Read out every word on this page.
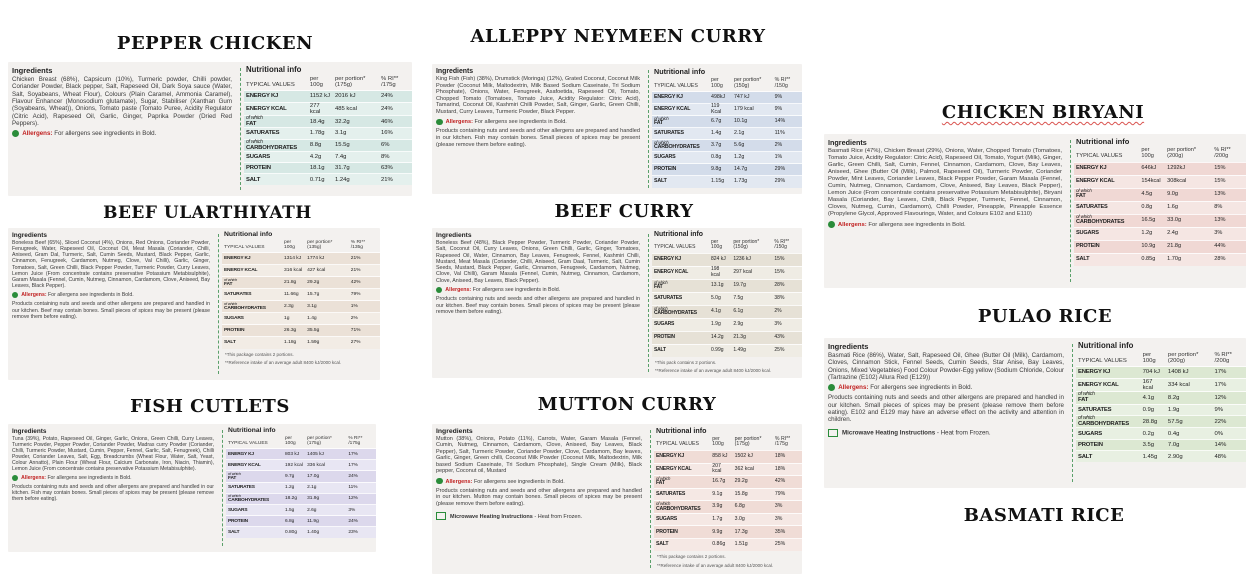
PEPPER CHICKEN
BEEF ULARTHIYATH
FISH CUTLETS
ALLEPPY NEYMEEN CURRY
BEEF CURRY
MUTTON CURRY
CHICKEN BIRYANI
PULAO RICE
BASMATI RICE
Ingredients
Chicken Breast (68%), Capsicum (10%), Turmeric powder, Chilli powder, Coriander Powder, Black pepper, Salt, Rapeseed Oil, Dark Soya sauce (Water, Salt, Soyabeans, Wheat Flour), Colours (Plain Caramel, Ammonia Caramel), Flavour Enhancer (Monosodium glutamate), Sugar, Stabiliser (Xanthan Gum (Soyabeans, Wheat)), Onions, Tomato paste (Tomato Puree, Acidity Regulator (Citric Acid), Rapeseed Oil, Garlic, Ginger, Paprika Powder (Dried Red Peppers).
Allergens: For allergens see ingredients in Bold.
Nutritional info
TYPICAL VALUES	per 100g	per portion* (175g)	% RI** /175g
ENERGY KJ	1152 kJ	2016 kJ	24%
ENERGY KCAL	277 kcal	485 kcal	24%

of which
FAT	18.4g	32.2g	46%
SATURATES	1.78g	3.1g	16%

of which
CARBOHYDRATES	8.8g	15.5g	6%
SUGARS	4.2g	7.4g	8%
PROTEIN	18.1g	31.7g	63%
SALT	0.71g	1.24g	21%
Ingredients
Boneless Beef (65%), Sliced Coconut (4%), Onions, Red Onions, Coriander Powder, Fenugreek, Water, Rapeseed Oil, Coconut Oil, Meat Masala (Coriander, Chilli, Aniseed, Gram Dal, Turmeric, Salt, Cumin Seeds, Mustard, Black Pepper, Garlic, Cinnamon, Fenugreek, Cardamom, Nutmeg, Clove, Val Chilli), Garlic, Ginger, Tomatoes, Salt, Green Chilli, Black Pepper Powder, Turmeric Powder, Curry Leaves, Lemon Juice (From concentrate contains preservative Potassium Metabisulphite), Garam Masala (Fennel, Cumin, Nutmeg, Cinnamon, Cardamom, Clove, Aniseed, Bay Leaves, Black Pepper).
Allergens: For allergens see ingredients in Bold.
Products containing nuts and seeds and other allergens are prepared and handled in our kitchen. Beef may contain bones. Small pieces of spices may be present (please remove them before eating).
Nutritional info
TYPICAL VALUES	per 100g	per portion* (135g)	% RI** /135g
ENERGY KJ	1314 kJ	1774 kJ	21%
ENERGY KCAL	316 kcal	427 kcal	21%

of which
FAT	21.8g	29.2g	42%
SATURATES	11.66g	15.7g	79%

of which
CARBOHYDRATES	2.3g	3.1g	1%
SUGARS	1g	1.4g	2%
PROTEIN	26.3g	35.5g	71%
SALT	1.18g	1.59g	27%
*This package contains 2 portions.
**Reference intake of an average adult 8400 kJ/2000 kcal.
Ingredients
Tuna (39%), Potato, Rapeseed Oil, Ginger, Garlic, Onions, Green Chilli, Curry Leaves, Turmeric Powder, Pepper Powder, Coriander Powder, Madras curry Powder (Coriander, Chilli, Turmeric Powder, Mustard, Cumin, Pepper, Fennel, Garlic, Salt, Fenugreek), Chilli Powder, Coriander Leaves, Salt, Egg, Breadcrumbs (Wheat Flour, Water, Salt, Yeast, Colour Annatto), Plain Flour (Wheat Flour, Calcium Carbonate, Iron, Niacin, Thiamin), Lemon Juice (From concentrate contains preservative Potassium Metabisulphite).
Allergens: For allergens see ingredients in Bold.
Products containing nuts and seeds and other allergens are prepared and handled in our kitchen. Fish may contain bones. Small pieces of spices may be present (please remove them before eating).
Nutritional info
TYPICAL VALUES	per 100g	per portion* (175g)	% RI** /175g
ENERGY KJ	803 kJ	1405 kJ	17%
ENERGY KCAL	192 kcal	336 kcal	17%

of which
FAT	9.7g	17.0g	24%
SATURATES	1.2g	2.1g	11%

of which
CARBOHYDRATES	18.2g	31.9g	12%
SUGARS	1.5g	2.6g	3%
PROTEIN	6.8g	11.9g	24%
SALT	0.80g	1.40g	23%
Ingredients
King Fish (Fish) (38%), Drumstick (Moringa) (12%), Grated Coconut, Coconut Milk Powder (Coconut Milk, Maltodextrin, Milk Based Sodium Caseinate, Tri Sodium Phosphate), Onions, Water, Fenugreek, Asafoetida, Rapeseed Oil, Tomato, Chopped Tomato (Tomatoes, Tomato Juice, Acidity Regulator: Citric Acid), Tamarind, Coconut Oil, Kashmiri Chilli Powder, Salt, Ginger, Garlic, Green Chilli, Mustard, Curry Leaves, Turmeric Powder, Black Pepper.
Allergens: For allergens see ingredients in Bold.
Products containing nuts and seeds and other allergens are prepared and handled in our kitchen. Fish may contain bones. Small pieces of spices may be present (please remove them before eating).
Nutritional info
TYPICAL VALUES	per 100g	per portion* (150g)	% RI** /150g
ENERGY KJ	498kJ	747 kJ	9%
ENERGY KCAL	119 Kcal	179 kcal	9%

of which
FAT	6.7g	10.1g	14%
SATURATES	1.4g	2.1g	11%

of which
CARBOHYDRATES	3.7g	5.6g	2%
SUGARS	0.8g	1.2g	1%
PROTEIN	9.8g	14.7g	29%
SALT	1.15g	1.73g	29%
Ingredients
Boneless Beef (48%), Black Pepper Powder, Turmeric Powder, Coriander Powder, Salt, Coconut Oil, Curry Leaves, Onions, Green Chilli, Garlic, Ginger, Tomatoes, Rapeseed Oil, Water, Cinnamon, Bay Leaves, Fenugreek, Fennel, Kashmiri Chilli, Mustard, Meat Masala (Coriander, Chilli, Aniseed, Gram Daal, Turmeric, Salt, Cumin Seeds, Mustard, Black Pepper, Garlic, Cinnamon, Fenugreek, Cardamom, Nutmeg, Clove, Val Chilli), Garam Masala (Fennel, Cumin, Nutmeg, Cinnamon, Cardamom, Clove, Aniseed, Bay Leaves, Black Pepper).
Allergens: For allergens see ingredients in Bold.
Products containing nuts and seeds and other allergens are prepared and handled in our kitchen. Beef may contain bones. Small pieces of spices may be present (please remove them before eating).
Nutritional info
TYPICAL VALUES	per 100g	per portion* (150g)	% RI** /150g
ENERGY KJ	824 kJ	1236 kJ	15%
ENERGY KCAL	198 kcal	297 kcal	15%

of which
FAT	13.1g	19.7g	28%
SATURATES	5.0g	7.5g	38%

of which
CARBOHYDRATES	4.1g	6.1g	2%
SUGARS	1.9g	2.9g	3%
PROTEIN	14.2g	21.3g	43%
SALT	0.99g	1.49g	25%
*This pack contains 2 portions.
**Reference intake of an average adult 8400 kJ/2000 kcal.
Ingredients
Mutton (38%), Onions, Potato (11%), Carrots, Water, Garam Masala (Fennel, Cumin, Nutmeg, Cinnamon, Cardamom, Clove, Aniseed, Bay Leaves, Black Pepper), Salt, Turmeric Powder, Coriander Powder, Clove, Cardamom, Bay leaves, Garlic, Ginger, Green chilli, Coconut Milk Powder (Coconut Milk, Maltodextrin, Milk based Sodium Caseinate, Tri Sodium Phosphate), Single Cream (Milk), Black pepper, Coconut oil, Mustard
Allergens: For allergens see ingredients in Bold.
Products containing nuts and seeds and other allergens are prepared and handled in our kitchen. Mutton may contain bones. Small pieces of spices may be present (please remove them before eating).
Microwave Heating Instructions - Heat from Frozen.
Nutritional info
TYPICAL VALUES	per 100g	per portion* (175g)	% RI** /175g
ENERGY KJ	858 kJ	1502 kJ	18%
ENERGY KCAL	207 kcal	362 kcal	18%

of which
FAT	16.7g	29.2g	42%
SATURATES	9.1g	15.8g	79%

of which
CARBOHYDRATES	3.9g	6.8g	3%
SUGARS	1.7g	3.0g	3%
PROTEIN	9.9g	17.3g	35%
SALT	0.86g	1.51g	25%
*This package contains 2 portions.
**Reference intake of an average adult 8400 kJ/2000 kcal.
Ingredients
Basmati Rice (47%), Chicken Breast (29%), Onions, Water, Chopped Tomato (Tomatoes, Tomato Juice, Acidity Regulator: Citric Acid), Rapeseed Oil, Tomato, Yogurt (Milk), Ginger, Garlic, Green Chilli, Salt, Cumin, Fennel, Cinnamon, Cardamom, Clove, Bay Leaves, Aniseed, Ghee (Butter Oil (Milk), Palmoil, Rapeseed Oil), Turmeric Powder, Coriander Powder, Mint Leaves, Coriander Leaves, Black Pepper Powder, Garam Masala (Fennel, Cumin, Nutmeg, Cinnamon, Cardamom, Clove, Aniseed, Bay Leaves, Black Pepper), Lemon Juice (From concentrate contains preservative Potassium Metabisulphite), Biryani Masala (Coriander, Bay Leaves, Chilli, Black Pepper, Turmeric, Fennel, Cinnamon, Cloves, Nutmeg, Cumin, Cardamom), Chilli Powder, Pineapple, Pineapple Essence (Propylene Glycol, Approved Flavourings, Water, and Colours E102 and E110)
Allergens: For allergens see ingredients in Bold.
Nutritional info
TYPICAL VALUES	per 100g	per portion* (200g)	% RI** /200g
ENERGY KJ	646kJ	1292kJ	15%
ENERGY KCAL	154kcal	308kcal	15%

of which
FAT	4.5g	9.0g	13%
SATURATES	0.8g	1.6g	8%

of which
CARBOHYDRATES	16.5g	33.0g	13%
SUGARS	1.2g	2.4g	3%
PROTEIN	10.9g	21.8g	44%
SALT	0.85g	1.70g	28%
Ingredients
Basmati Rice (86%), Water, Salt, Rapeseed Oil, Ghee (Butter Oil (Milk), Cardamom, Cloves, Cinnamon Stick, Fennel Seeds, Cumin Seeds, Star Anise, Bay Leaves, Onions, Mixed Vegetables) Food Colour Powder-Egg yellow (Sodium Chloride, Colour (Tartrazine (E102) Allura Red (E129))
Allergens: For allergens see ingredients in Bold.
Products containing nuts and seeds and other allergens are prepared and handled in our kitchen. Small pieces of spices may be present (please remove them before eating). E102 and E129 may have an adverse effect on the activity and attention in children.
Microwave Heating Instructions - Heat from Frozen.
Nutritional info
TYPICAL VALUES	per 100g	per portion* (200g)	% RI** /200g
ENERGY KJ	704 kJ	1408 kJ	17%
ENERGY KCAL	167 kcal	334 kcal	17%

of which
FAT	4.1g	8.2g	12%
SATURATES	0.9g	1.9g	9%

of which
CARBOHYDRATES	28.8g	57.5g	22%
SUGARS	0.2g	0.4g	0%
PROTEIN	3.5g	7.0g	14%
SALT	1.45g	2.90g	48%
